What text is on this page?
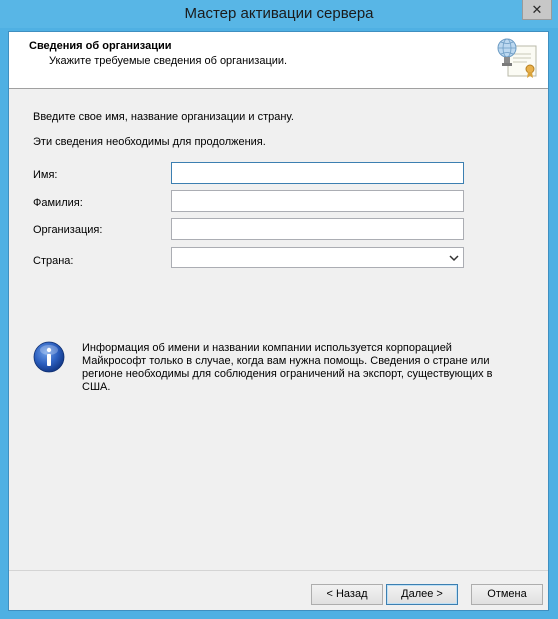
Мастер активации сервера	✕
Сведения об организации
Укажите требуемые сведения об организации.
Введите свое имя, название организации и страну.
Эти сведения необходимы для продолжения.
Имя:
Фамилия:
Организация:
Страна:
Информация об имени и названии компании используется корпорацией Майкрософт только в случае, когда вам нужна помощь. Сведения о стране или регионе необходимы для соблюдения ограничений на экспорт, существующих в США.
< Назад	Далее >	Отмена
